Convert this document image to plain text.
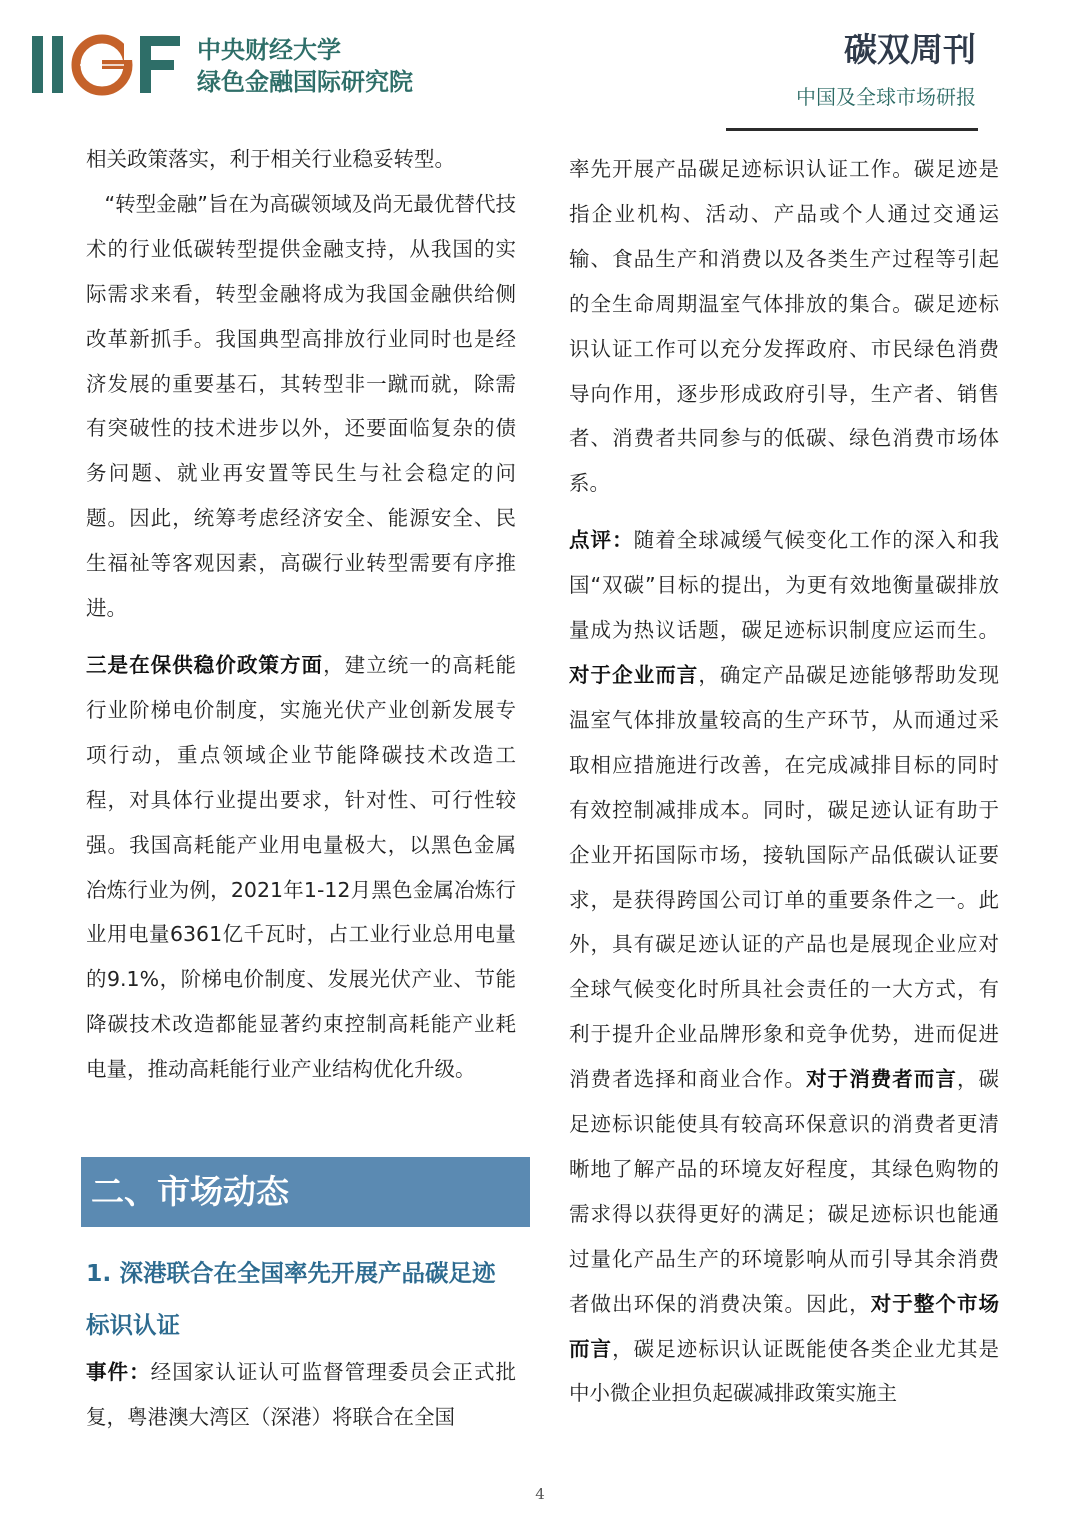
中央财经大学
绿色金融国际研究院
碳双周刊
中国及全球市场研报

相关政策落实，利于相关行业稳妥转型。

“转型金融”旨在为高碳领域及尚无最优替代技术的行业低碳转型提供金融支持，从我国的实际需求来看，转型金融将成为我国金融供给侧改革新抓手。我国典型高排放行业同时也是经济发展的重要基石，其转型非一蹴而就，除需有突破性的技术进步以外，还要面临复杂的债务问题、就业再安置等民生与社会稳定的问题。因此，统筹考虑经济安全、能源安全、民生福祉等客观因素，高碳行业转型需要有序推进。

三是在保供稳价政策方面，建立统一的高耗能行业阶梯电价制度，实施光伏产业创新发展专项行动，重点领域企业节能降碳技术改造工程，对具体行业提出要求，针对性、可行性较强。我国高耗能产业用电量极大，以黑色金属冶炼行业为例，2021年1-12月黑色金属冶炼行业用电量6361亿千瓦时，占工业行业总用电量的9.1%，阶梯电价制度、发展光伏产业、节能降碳技术改造都能显著约束控制高耗能产业耗电量，推动高耗能行业产业结构优化升级。

二、市场动态
1. 深港联合在全国率先开展产品碳足迹标识认证

事件：经国家认证认可监督管理委员会正式批复，粤港澳大湾区（深港）将联合在全国

率先开展产品碳足迹标识认证工作。碳足迹是指企业机构、活动、产品或个人通过交通运输、食品生产和消费以及各类生产过程等引起的全生命周期温室气体排放的集合。碳足迹标识认证工作可以充分发挥政府、市民绿色消费导向作用，逐步形成政府引导，生产者、销售者、消费者共同参与的低碳、绿色消费市场体系。

点评：随着全球减缓气候变化工作的深入和我国“双碳”目标的提出，为更有效地衡量碳排放量成为热议话题，碳足迹标识制度应运而生。对于企业而言，确定产品碳足迹能够帮助发现温室气体排放量较高的生产环节，从而通过采取相应措施进行改善，在完成减排目标的同时有效控制减排成本。同时，碳足迹认证有助于企业开拓国际市场，接轨国际产品低碳认证要求，是获得跨国公司订单的重要条件之一。此外，具有碳足迹认证的产品也是展现企业应对全球气候变化时所具社会责任的一大方式，有利于提升企业品牌形象和竞争优势，进而促进消费者选择和商业合作。对于消费者而言，碳足迹标识能使具有较高环保意识的消费者更清晰地了解产品的环境友好程度，其绿色购物的需求得以获得更好的满足；碳足迹标识也能通过量化产品生产的环境影响从而引导其余消费者做出环保的消费决策。因此，对于整个市场而言，碳足迹标识认证既能使各类企业尤其是中小微企业担负起碳减排政策实施主

4
